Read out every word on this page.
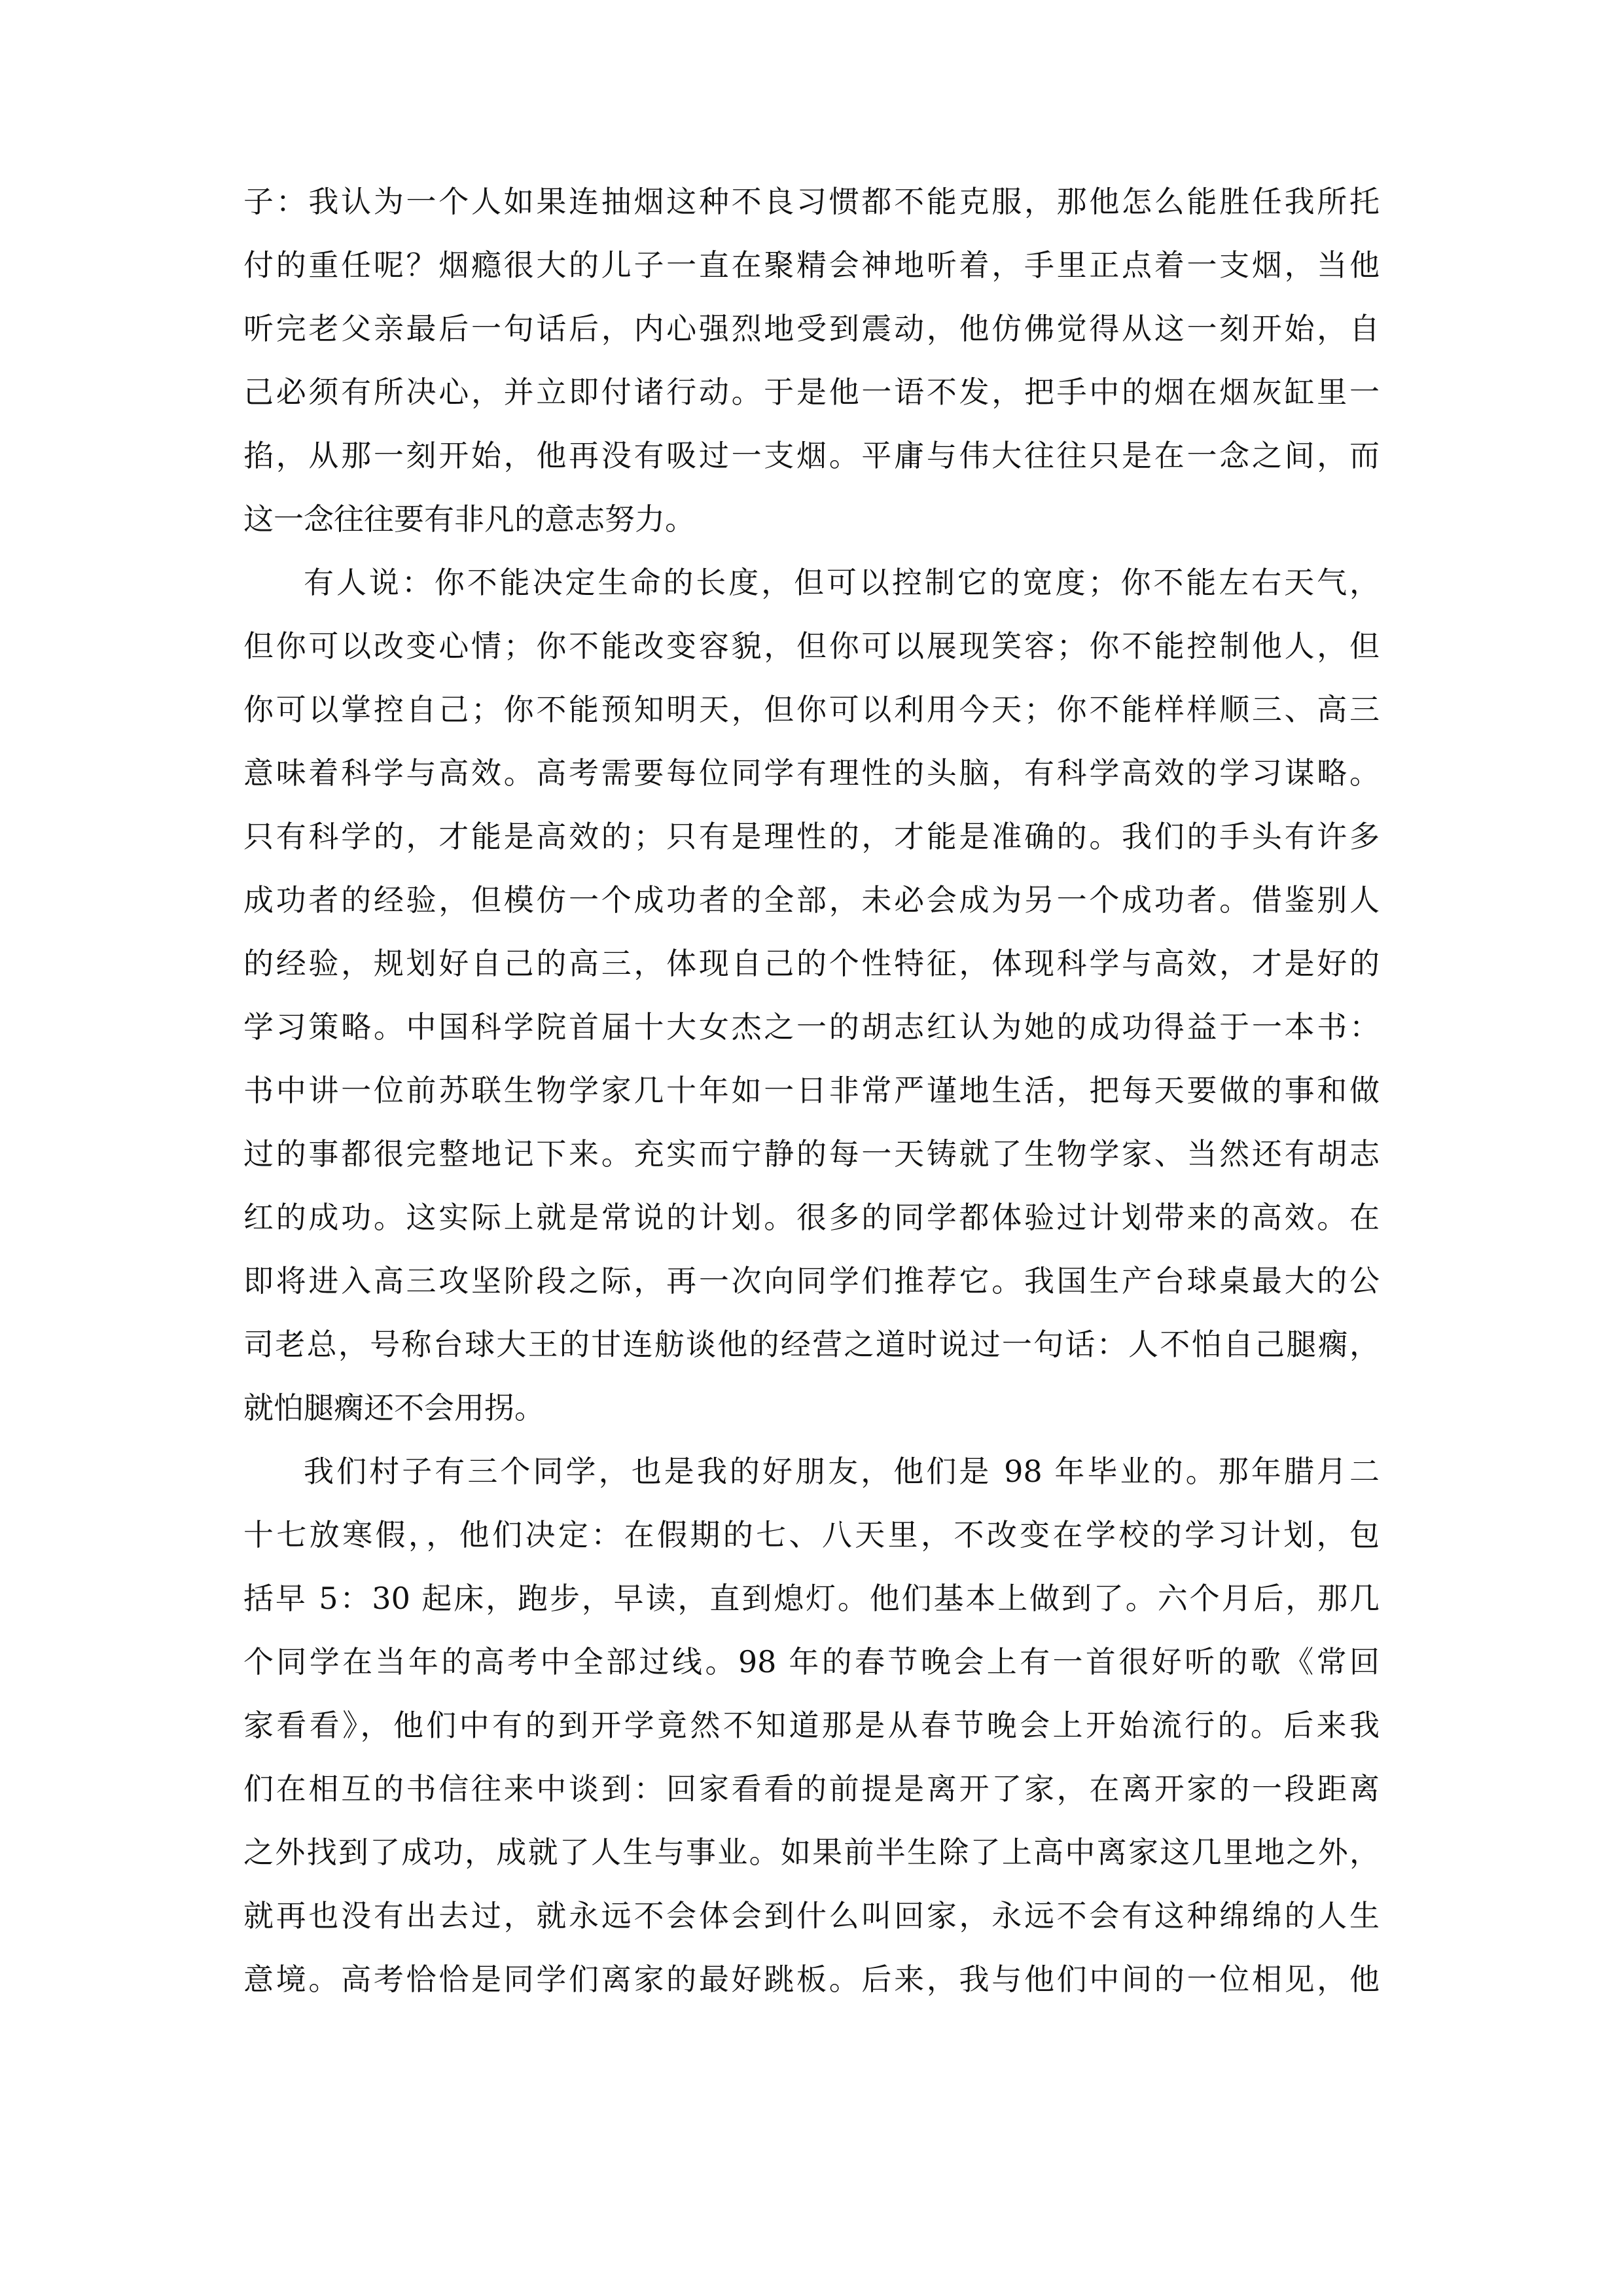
子：我认为一个人如果连抽烟这种不良习惯都不能克服，那他怎么能胜任我所托
付的重任呢？烟瘾很大的儿子一直在聚精会神地听着，手里正点着一支烟，当他
听完老父亲最后一句话后，内心强烈地受到震动，他仿佛觉得从这一刻开始，自
己必须有所决心，并立即付诸行动。于是他一语不发，把手中的烟在烟灰缸里一
掐，从那一刻开始，他再没有吸过一支烟。平庸与伟大往往只是在一念之间，而
这一念往往要有非凡的意志努力。
有人说：你不能决定生命的长度，但可以控制它的宽度；你不能左右天气，
但你可以改变心情；你不能改变容貌，但你可以展现笑容；你不能控制他人，但
你可以掌控自己；你不能预知明天，但你可以利用今天；你不能样样顺三、高三
意味着科学与高效。高考需要每位同学有理性的头脑，有科学高效的学习谋略。
只有科学的，才能是高效的；只有是理性的，才能是准确的。我们的手头有许多
成功者的经验，但模仿一个成功者的全部，未必会成为另一个成功者。借鉴别人
的经验，规划好自己的高三，体现自己的个性特征，体现科学与高效，才是好的
学习策略。中国科学院首届十大女杰之一的胡志红认为她的成功得益于一本书：
书中讲一位前苏联生物学家几十年如一日非常严谨地生活，把每天要做的事和做
过的事都很完整地记下来。充实而宁静的每一天铸就了生物学家、当然还有胡志
红的成功。这实际上就是常说的计划。很多的同学都体验过计划带来的高效。在
即将进入高三攻坚阶段之际，再一次向同学们推荐它。我国生产台球桌最大的公
司老总，号称台球大王的甘连舫谈他的经营之道时说过一句话：人不怕自己腿瘸，
就怕腿瘸还不会用拐。
我们村子有三个同学，也是我的好朋友，他们是 98 年毕业的。那年腊月二
十七放寒假，，他们决定：在假期的七、八天里，不改变在学校的学习计划，包
括早 5：30 起床，跑步，早读，直到熄灯。他们基本上做到了。六个月后，那几
个同学在当年的高考中全部过线。98 年的春节晚会上有一首很好听的歌《常回
家看看》，他们中有的到开学竟然不知道那是从春节晚会上开始流行的。后来我
们在相互的书信往来中谈到：回家看看的前提是离开了家，在离开家的一段距离
之外找到了成功，成就了人生与事业。如果前半生除了上高中离家这几里地之外，
就再也没有出去过，就永远不会体会到什么叫回家，永远不会有这种绵绵的人生
意境。高考恰恰是同学们离家的最好跳板。后来，我与他们中间的一位相见，他
